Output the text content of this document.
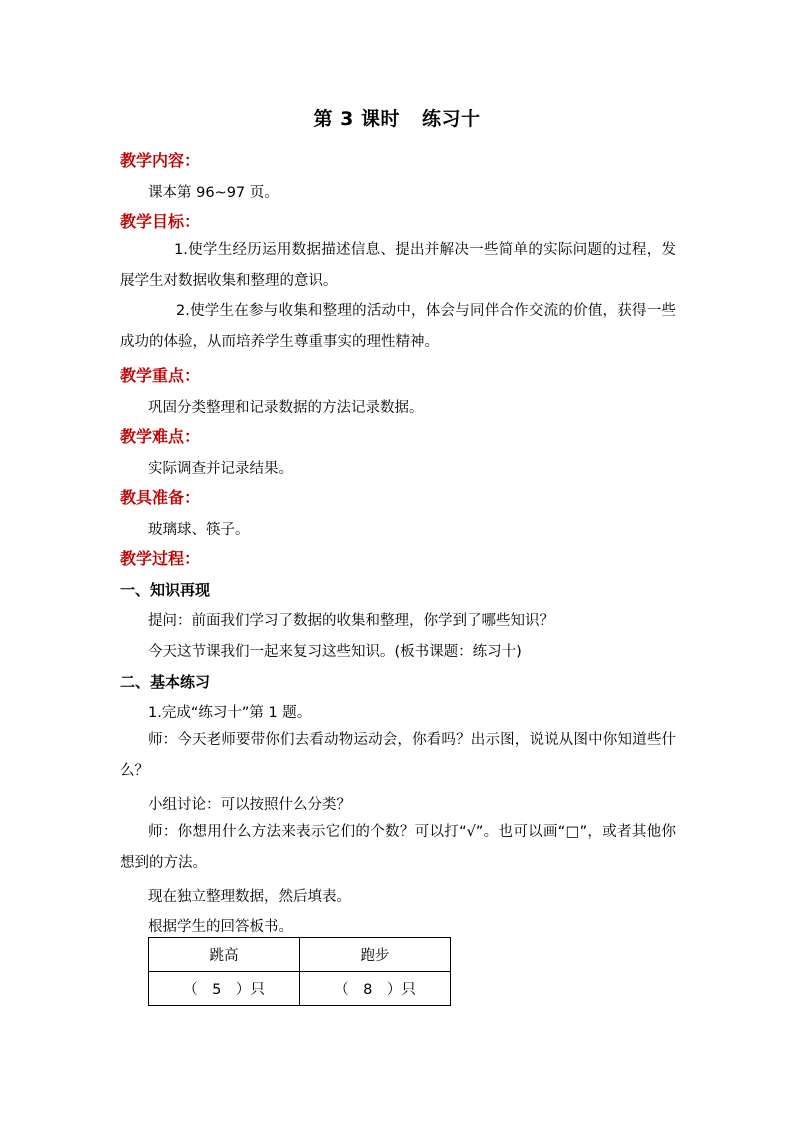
第 3 课时 练习十
教学内容：
课本第 96~97 页。
教学目标：
1.使学生经历运用数据描述信息、提出并解决一些简单的实际问题的过程，发展学生对数据收集和整理的意识。
2.使学生在参与收集和整理的活动中，体会与同伴合作交流的价值，获得一些成功的体验，从而培养学生尊重事实的理性精神。
教学重点：
巩固分类整理和记录数据的方法记录数据。
教学难点：
实际调查并记录结果。
教具准备：
玻璃球、筷子。
教学过程：
一、知识再现
提问：前面我们学习了数据的收集和整理，你学到了哪些知识？
今天这节课我们一起来复习这些知识。(板书课题：练习十)
二、基本练习
1.完成“练习十”第 1 题。
师：今天老师要带你们去看动物运动会，你看吗？出示图，说说从图中你知道些什么？
小组讨论：可以按照什么分类？
师：你想用什么方法来表示它们的个数？可以打“√”。也可以画“□”，或者其他你想到的方法。
现在独立整理数据，然后填表。
根据学生的回答板书。
跳高	跑步
（　5　）只	（　8　）只
